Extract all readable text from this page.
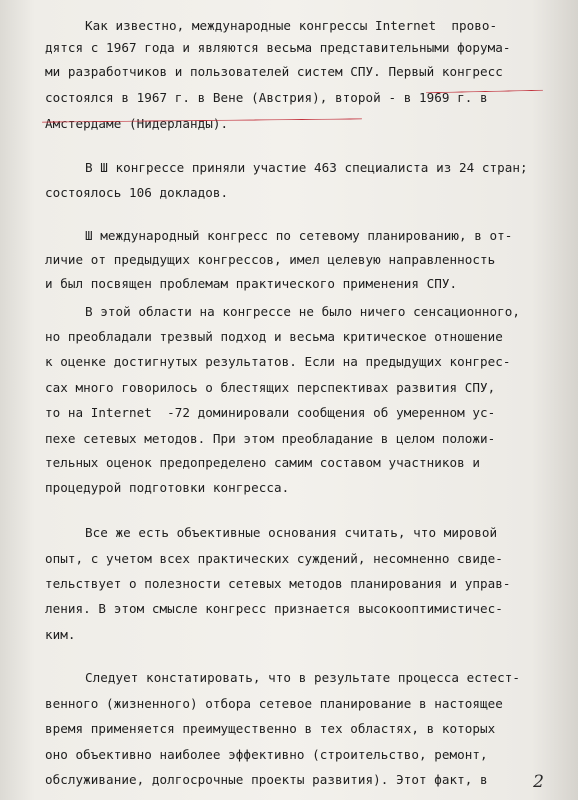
Как известно, международные конгрессы Internet  прово-
дятся с 1967 года и являются весьма представительными форума-
ми разработчиков и пользователей систем СПУ. Первый конгресс
состоялся в 1967 г. в Вене (Австрия), второй - в 1969 г. в
Амстердаме (Нидерланды).
В Ш конгрессе приняли участие 463 специалиста из 24 стран;
состоялось 106 докладов.
Ш международный конгресс по сетевому планированию, в от-
личие от предыдущих конгрессов, имел целевую направленность
и был посвящен проблемам практического применения СПУ.
В этой области на конгрессе не было ничего сенсационного,
но преобладали трезвый подход и весьма критическое отношение
к оценке достигнутых результатов. Если на предыдущих конгрес-
сах много говорилось о блестящих перспективах развития СПУ,
то на Internet  -72 доминировали сообщения об умеренном ус-
пехе сетевых методов. При этом преобладание в целом положи-
тельных оценок предопределено самим составом участников и
процедурой подготовки конгресса.
Все же есть объективные основания считать, что мировой
опыт, с учетом всех практических суждений, несомненно свиде-
тельствует о полезности сетевых методов планирования и управ-
ления. В этом смысле конгресс признается высокооптимистичес-
ким.
Следует констатировать, что в результате процесса естест-
венного (жизненного) отбора сетевое планирование в настоящее
время применяется преимущественно в тех областях, в которых
оно объективно наиболее эффективно (строительство, ремонт,
обслуживание, долгосрочные проекты развития). Этот факт, в	2
